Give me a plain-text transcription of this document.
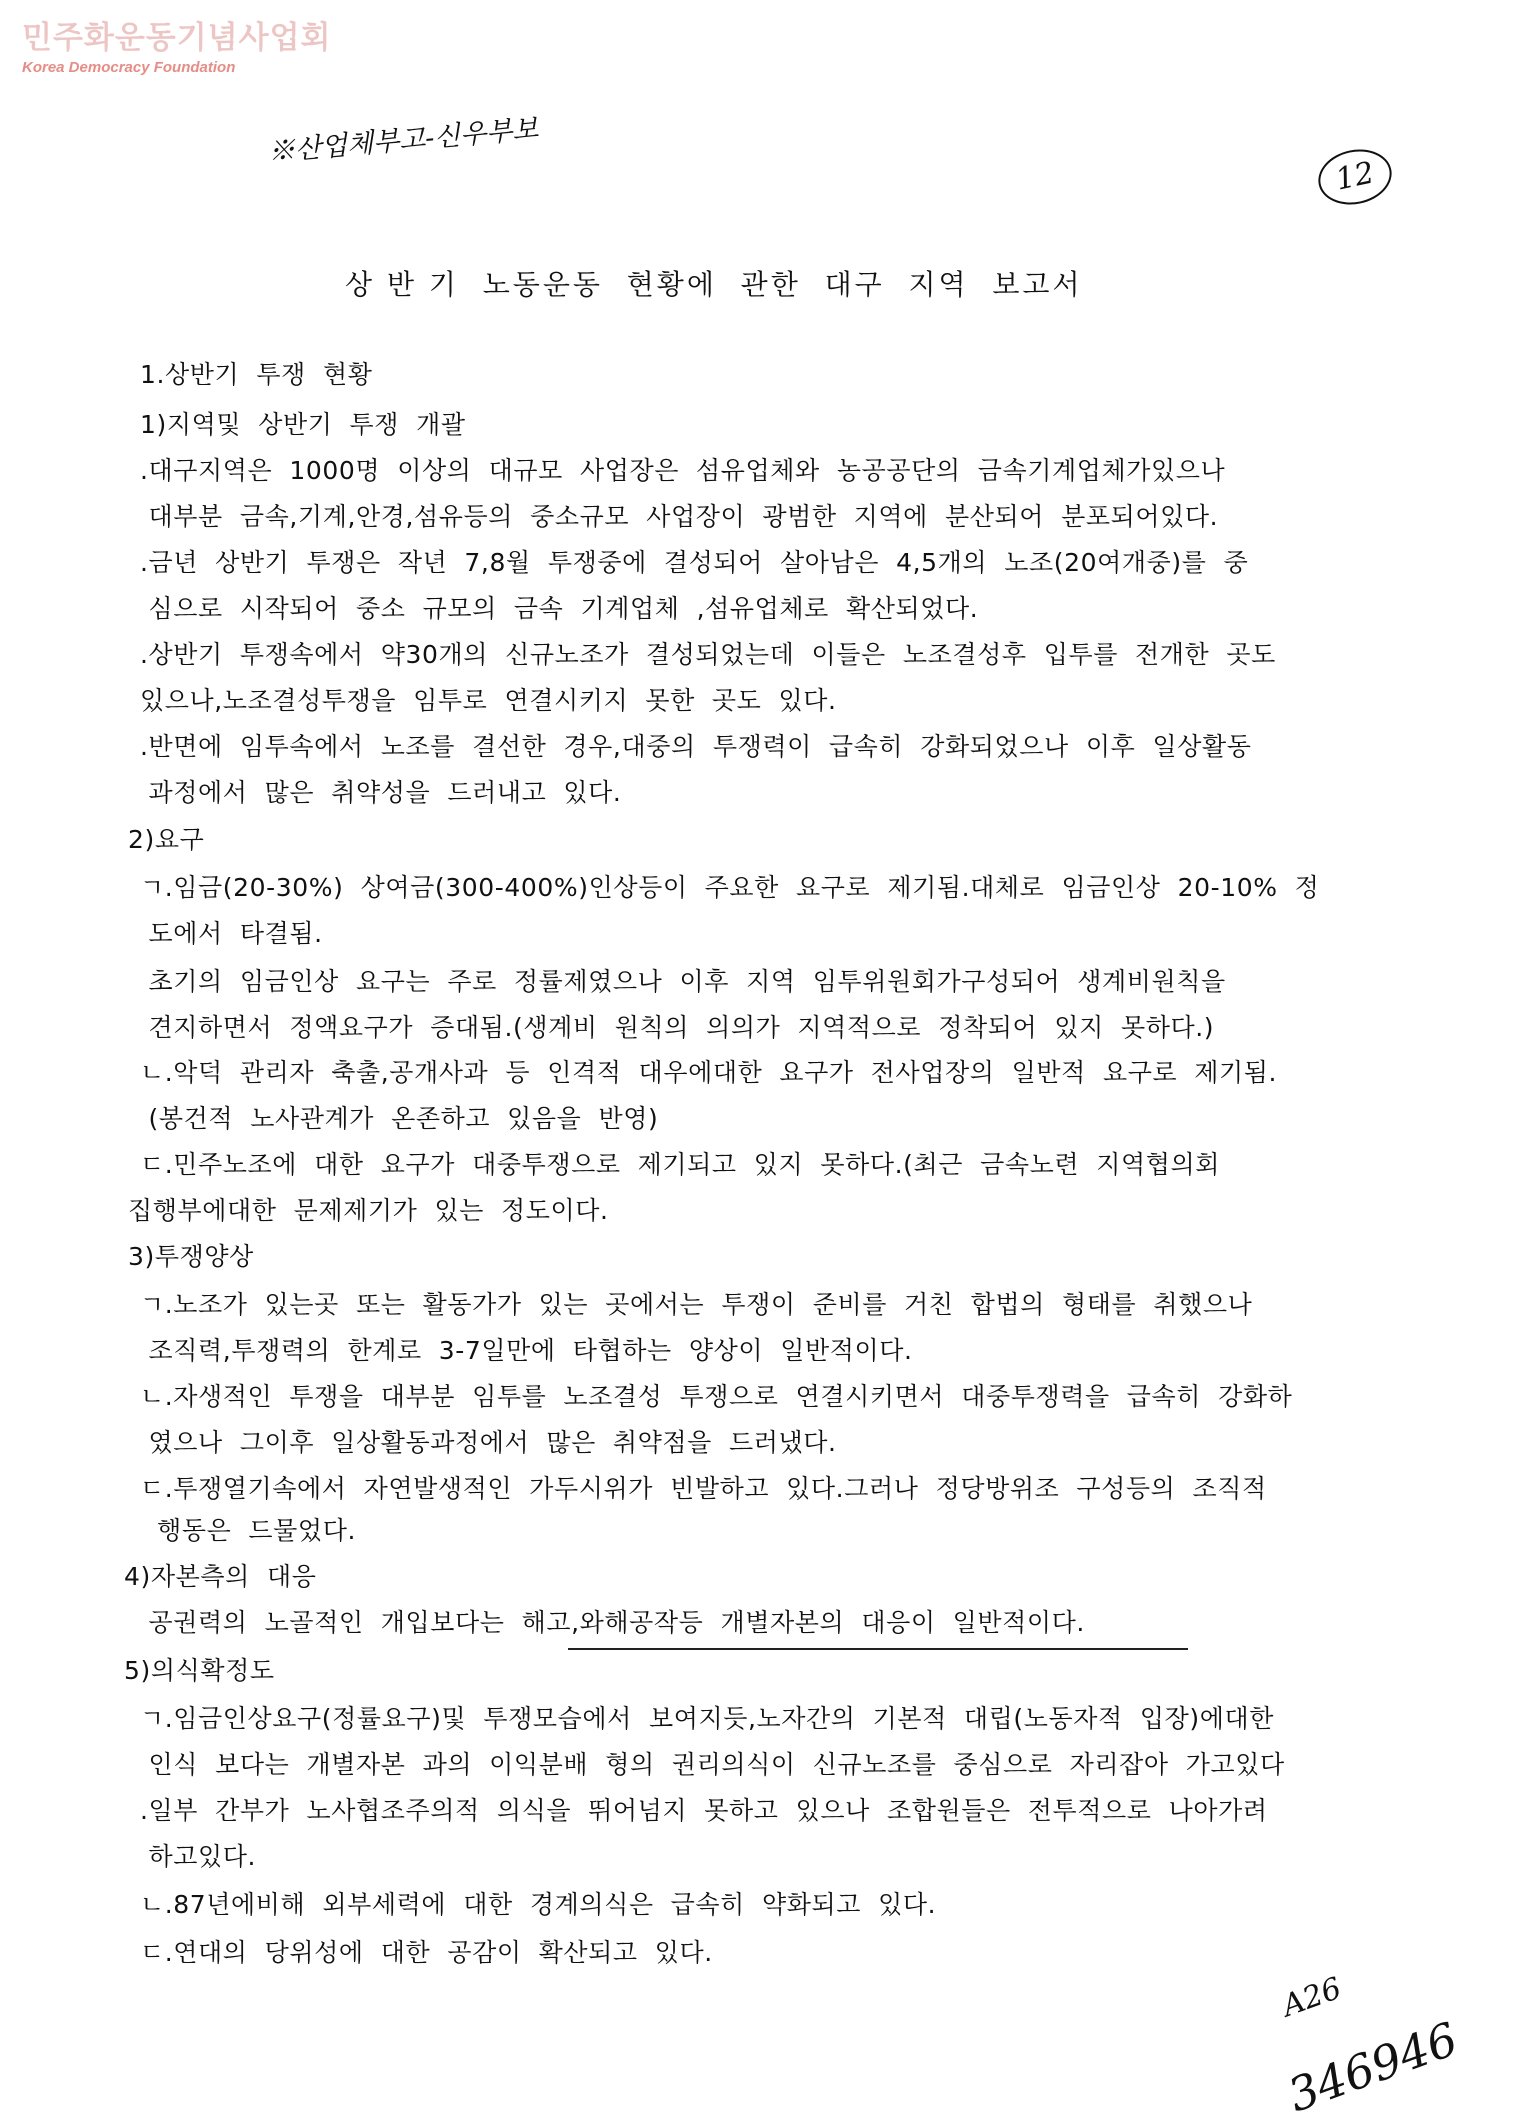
민주화운동기념사업회
Korea Democracy Foundation
※산업체부고-신우부보
12
상 반 기  노동운동  현황에  관한  대구  지역  보고서
1.상반기  투쟁  현황
1)지역및  상반기  투쟁  개괄
.대구지역은  1000명  이상의  대규모  사업장은  섬유업체와  농공공단의  금속기계업체가있으나
대부분  금속,기계,안경,섬유등의  중소규모  사업장이  광범한  지역에  분산되어  분포되어있다.
.금년  상반기  투쟁은  작년  7,8월  투쟁중에  결성되어  살아남은  4,5개의  노조(20여개중)를  중
심으로  시작되어  중소  규모의  금속  기계업체  ,섬유업체로  확산되었다.
.상반기  투쟁속에서  약30개의  신규노조가  결성되었는데  이들은  노조결성후  입투를  전개한  곳도
있으나,노조결성투쟁을  임투로  연결시키지  못한  곳도  있다.
.반면에  임투속에서  노조를  결선한  경우,대중의  투쟁력이  급속히  강화되었으나  이후  일상활동
과정에서  많은  취약성을  드러내고  있다.
2)요구
ㄱ.임금(20-30%)  상여금(300-400%)인상등이  주요한  요구로  제기됨.대체로  임금인상  20-10%  정
도에서  타결됨.
초기의  임금인상  요구는  주로  정률제였으나  이후  지역  임투위원회가구성되어  생계비원칙을
견지하면서  정액요구가  증대됨.(생계비  원칙의  의의가  지역적으로  정착되어  있지  못하다.)
ㄴ.악덕  관리자  축출,공개사과  등  인격적  대우에대한  요구가  전사업장의  일반적  요구로  제기됨.
(봉건적  노사관계가  온존하고  있음을  반영)
ㄷ.민주노조에  대한  요구가  대중투쟁으로  제기되고  있지  못하다.(최근  금속노련  지역협의회
집행부에대한  문제제기가  있는  정도이다.
3)투쟁양상
ㄱ.노조가  있는곳  또는  활동가가  있는  곳에서는  투쟁이  준비를  거친  합법의  형태를  취했으나
조직력,투쟁력의  한계로  3-7일만에  타협하는  양상이  일반적이다.
ㄴ.자생적인  투쟁을  대부분  임투를  노조결성  투쟁으로  연결시키면서  대중투쟁력을  급속히  강화하
였으나  그이후  일상활동과정에서  많은  취약점을  드러냈다.
ㄷ.투쟁열기속에서  자연발생적인  가두시위가  빈발하고  있다.그러나  정당방위조  구성등의  조직적
행동은  드물었다.
4)자본측의  대응
공권력의  노골적인  개입보다는  해고,와해공작등  개별자본의  대응이  일반적이다.
5)의식확정도
ㄱ.임금인상요구(정률요구)및  투쟁모습에서  보여지듯,노자간의  기본적  대립(노동자적  입장)에대한
인식  보다는  개별자본  과의  이익분배  형의  권리의식이  신규노조를  중심으로  자리잡아  가고있다
.일부  간부가  노사협조주의적  의식을  뛰어넘지  못하고  있으나  조합원들은  전투적으로  나아가려
하고있다.
ㄴ.87년에비해  외부세력에  대한  경계의식은  급속히  약화되고  있다.
ㄷ.연대의  당위성에  대한  공감이  확산되고  있다.
A26
346946
